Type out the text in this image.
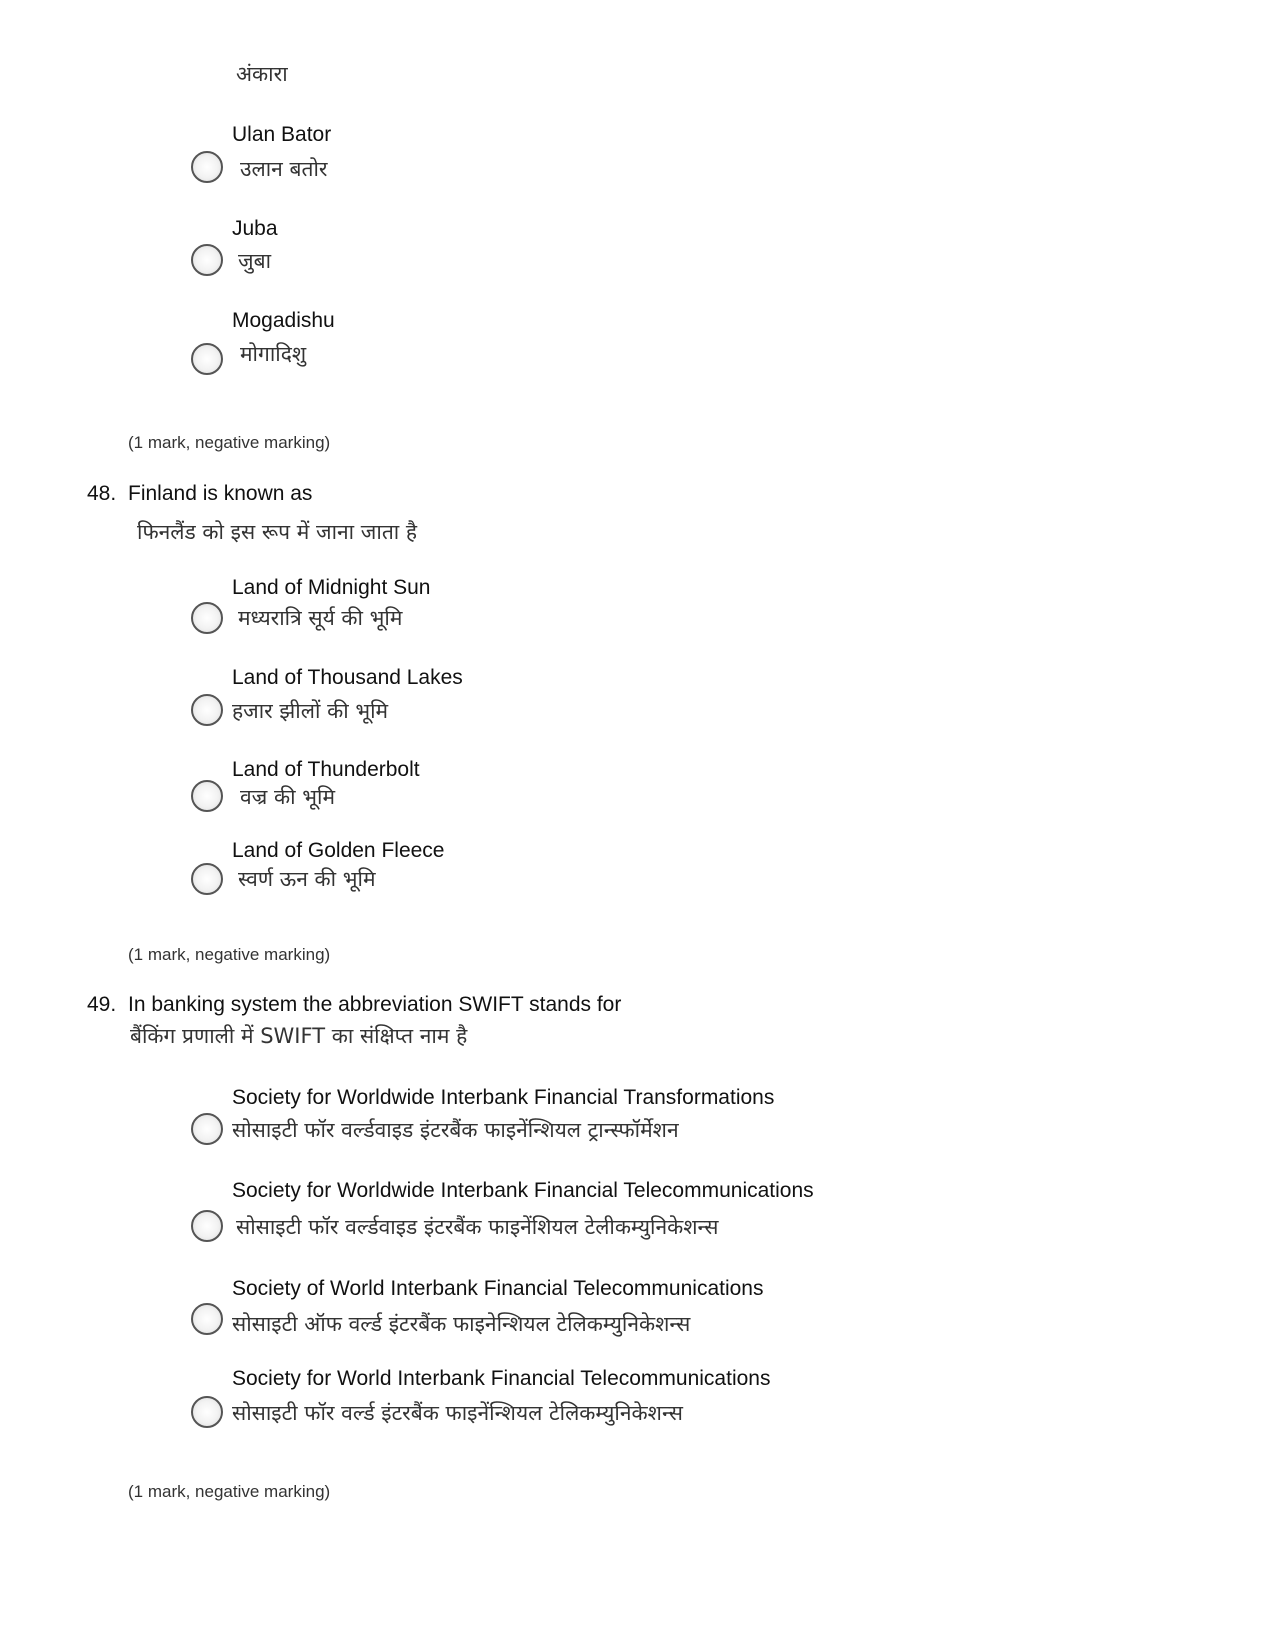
अंकारा
Ulan Bator
उलान बतोर
Juba
जुबा
Mogadishu
मोगादिशु
(1 mark, negative marking)
48. Finland is known as
फिनलैंड को इस रूप में जाना जाता है
Land of Midnight Sun
मध्यरात्रि सूर्य की भूमि
Land of Thousand Lakes
हजार झीलों की भूमि
Land of Thunderbolt
वज्र की भूमि
Land of Golden Fleece
स्वर्ण ऊन की भूमि
(1 mark, negative marking)
49. In banking system the abbreviation SWIFT stands for
बैंकिंग प्रणाली में SWIFT का संक्षिप्त नाम है
Society for Worldwide Interbank Financial Transformations
सोसाइटी फॉर वर्ल्डवाइड इंटरबैंक फाइनेंन्शियल ट्रान्स्फॉर्मेशन
Society for Worldwide Interbank Financial Telecommunications
सोसाइटी फॉर वर्ल्डवाइड इंटरबैंक फाइनेंशियल टेलीकम्युनिकेशन्स
Society of World Interbank Financial Telecommunications
सोसाइटी ऑफ वर्ल्ड इंटरबैंक फाइनेन्शियल टेलिकम्युनिकेशन्स
Society for World Interbank Financial Telecommunications
सोसाइटी फॉर वर्ल्ड इंटरबैंक फाइनेंन्शियल टेलिकम्युनिकेशन्स
(1 mark, negative marking)
